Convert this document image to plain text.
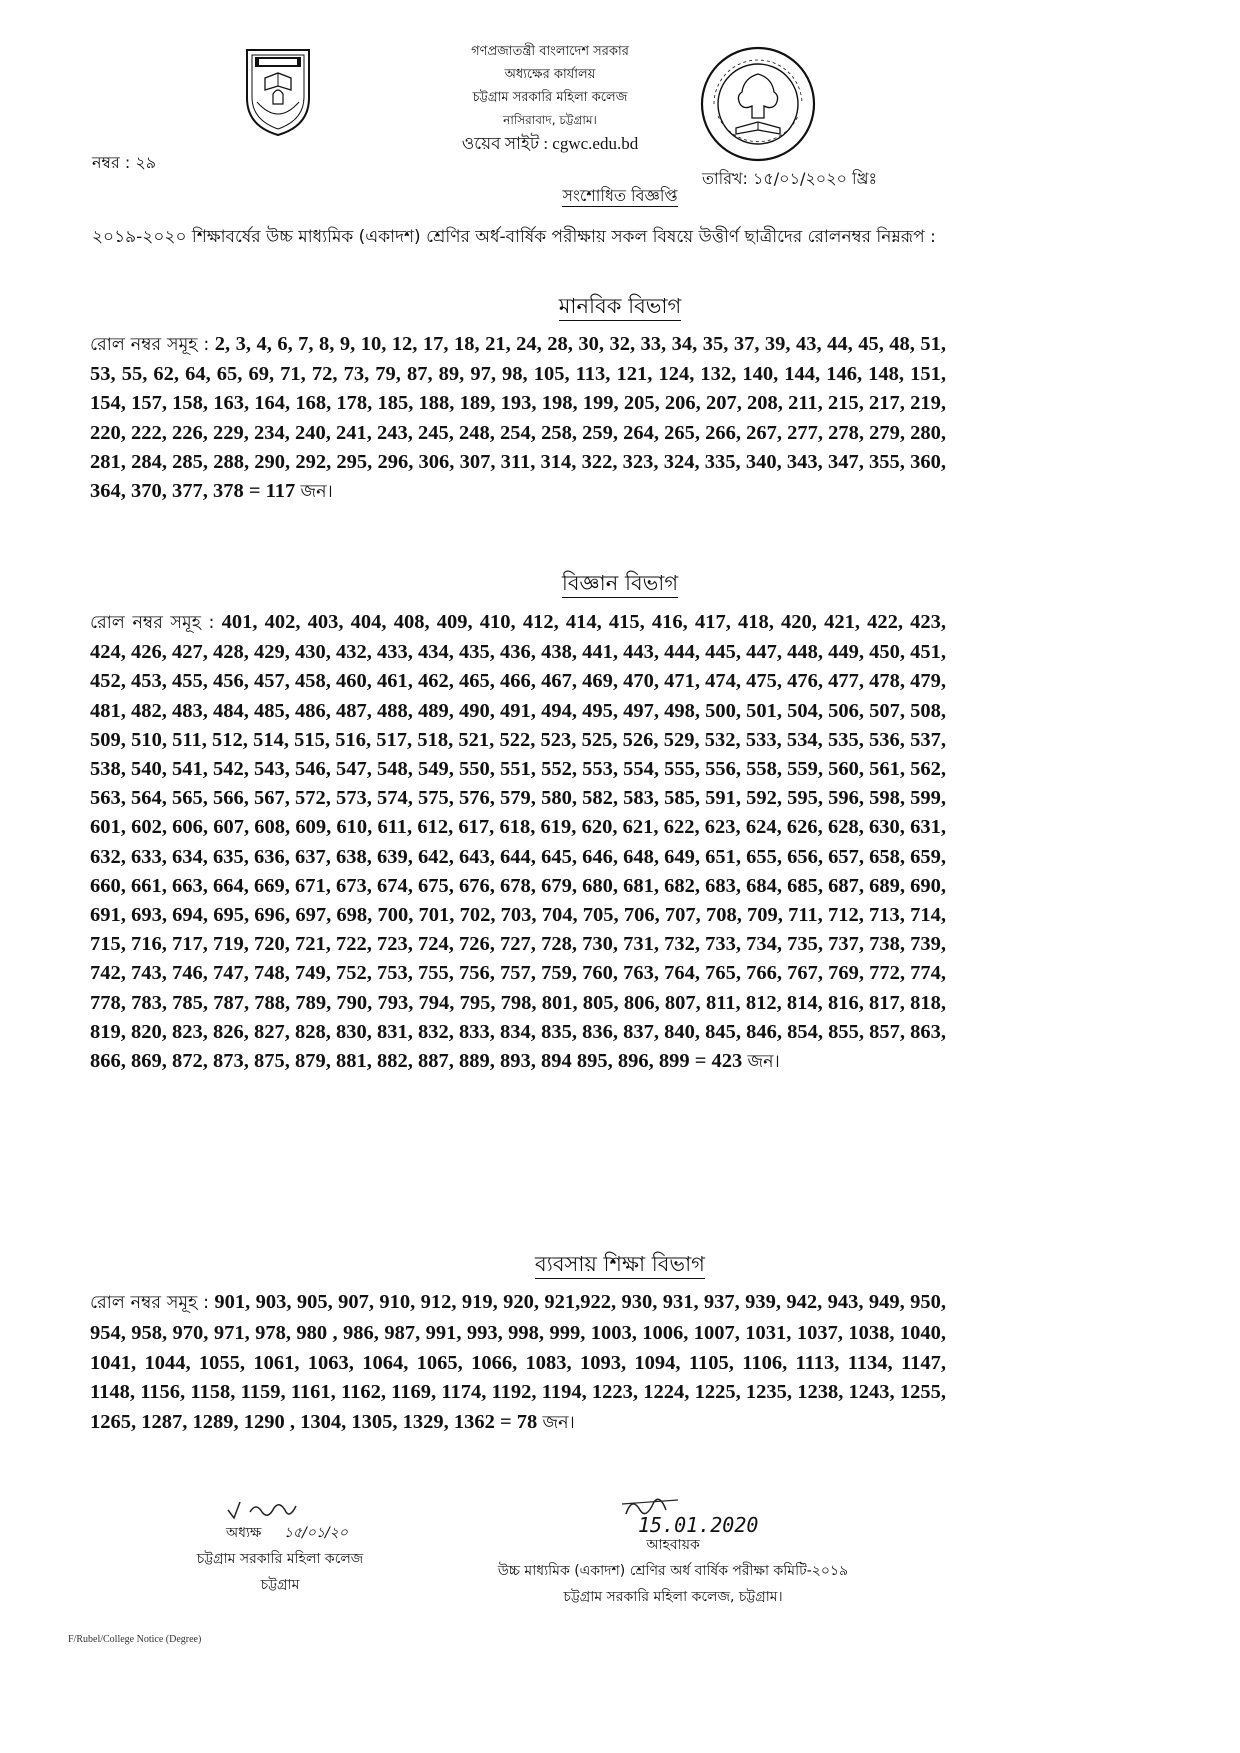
গণপ্রজাতন্ত্রী বাংলাদেশ সরকার
অধ্যক্ষের কার্যালয়
চট্টগ্রাম সরকারি মহিলা কলেজ
নাসিরাবাদ, চট্টগ্রাম।
ওয়েব সাইট : cgwc.edu.bd
নম্বর : ২৯
তারিখ: ১৫/০১/২০২০ খ্রিঃ
সংশোধিত বিজ্ঞপ্তি
২০১৯-২০২০ শিক্ষাবর্ষের উচ্চ মাধ্যমিক (একাদশ) শ্রেণির অর্ধ-বার্ষিক পরীক্ষায় সকল বিষয়ে উত্তীর্ণ ছাত্রীদের রোলনম্বর নিম্নরূপ :
মানবিক বিভাগ

রোল নম্বর সমূহ : 2, 3, 4, 6, 7, 8, 9, 10, 12, 17, 18, 21, 24, 28, 30, 32, 33, 34, 35, 37, 39, 43, 44, 45, 48, 51, 53, 55, 62, 64, 65, 69, 71, 72, 73, 79, 87, 89, 97, 98, 105, 113, 121, 124, 132, 140, 144, 146, 148, 151, 154, 157, 158, 163, 164, 168, 178, 185, 188, 189, 193, 198, 199, 205, 206, 207, 208, 211, 215, 217, 219, 220, 222, 226, 229, 234, 240, 241, 243, 245, 248, 254, 258, 259, 264, 265, 266, 267, 277, 278, 279, 280, 281, 284, 285, 288, 290, 292, 295, 296, 306, 307, 311, 314, 322, 323, 324, 335, 340, 343, 347, 355, 360, 364, 370, 377, 378 = 117 জন।

বিজ্ঞান বিভাগ

রোল নম্বর সমূহ : 401, 402, 403, 404, 408, 409, 410, 412, 414, 415, 416, 417, 418, 420, 421, 422, 423, 424, 426, 427, 428, 429, 430, 432, 433, 434, 435, 436, 438, 441, 443, 444, 445, 447, 448, 449, 450, 451, 452, 453, 455, 456, 457, 458, 460, 461, 462, 465, 466, 467, 469, 470, 471, 474, 475, 476, 477, 478, 479, 481, 482, 483, 484, 485, 486, 487, 488, 489, 490, 491, 494, 495, 497, 498, 500, 501, 504, 506, 507, 508, 509, 510, 511, 512, 514, 515, 516, 517, 518, 521, 522, 523, 525, 526, 529, 532, 533, 534, 535, 536, 537, 538, 540, 541, 542, 543, 546, 547, 548, 549, 550, 551, 552, 553, 554, 555, 556, 558, 559, 560, 561, 562, 563, 564, 565, 566, 567, 572, 573, 574, 575, 576, 579, 580, 582, 583, 585, 591, 592, 595, 596, 598, 599, 601, 602, 606, 607, 608, 609, 610, 611, 612, 617, 618, 619, 620, 621, 622, 623, 624, 626, 628, 630, 631, 632, 633, 634, 635, 636, 637, 638, 639, 642, 643, 644, 645, 646, 648, 649, 651, 655, 656, 657, 658, 659, 660, 661, 663, 664, 669, 671, 673, 674, 675, 676, 678, 679, 680, 681, 682, 683, 684, 685, 687, 689, 690, 691, 693, 694, 695, 696, 697, 698, 700, 701, 702, 703, 704, 705, 706, 707, 708, 709, 711, 712, 713, 714, 715, 716, 717, 719, 720, 721, 722, 723, 724, 726, 727, 728, 730, 731, 732, 733, 734, 735, 737, 738, 739, 742, 743, 746, 747, 748, 749, 752, 753, 755, 756, 757, 759, 760, 763, 764, 765, 766, 767, 769, 772, 774, 778, 783, 785, 787, 788, 789, 790, 793, 794, 795, 798, 801, 805, 806, 807, 811, 812, 814, 816, 817, 818, 819, 820, 823, 826, 827, 828, 830, 831, 832, 833, 834, 835, 836, 837, 840, 845, 846, 854, 855, 857, 863, 866, 869, 872, 873, 875, 879, 881, 882, 887, 889, 893, 894 895, 896, 899 = 423 জন।

ব্যবসায় শিক্ষা বিভাগ

রোল নম্বর সমূহ : 901, 903, 905, 907, 910, 912, 919, 920, 921,922, 930, 931, 937, 939, 942, 943, 949, 950, 954, 958, 970, 971, 978, 980 , 986, 987, 991, 993, 998, 999, 1003, 1006, 1007, 1031, 1037, 1038, 1040, 1041, 1044, 1055, 1061, 1063, 1064, 1065, 1066, 1083, 1093, 1094, 1105, 1106, 1113, 1134, 1147, 1148, 1156, 1158, 1159, 1161, 1162, 1169, 1174, 1192, 1194, 1223, 1224, 1225, 1235, 1238, 1243, 1255, 1265, 1287, 1289, 1290 , 1304, 1305, 1329, 1362 = 78 জন।

অধ্যক্ষ ১৫/০১/২০
চট্টগ্রাম সরকারি মহিলা কলেজ
চট্টগ্রাম
15.01.2020
আহবায়ক
উচ্চ মাধ্যমিক (একাদশ) শ্রেণির অর্ধ বার্ষিক পরীক্ষা কমিটি-২০১৯
চট্টগ্রাম সরকারি মহিলা কলেজ, চট্টগ্রাম।
F/Rubel/College Notice (Degree)
